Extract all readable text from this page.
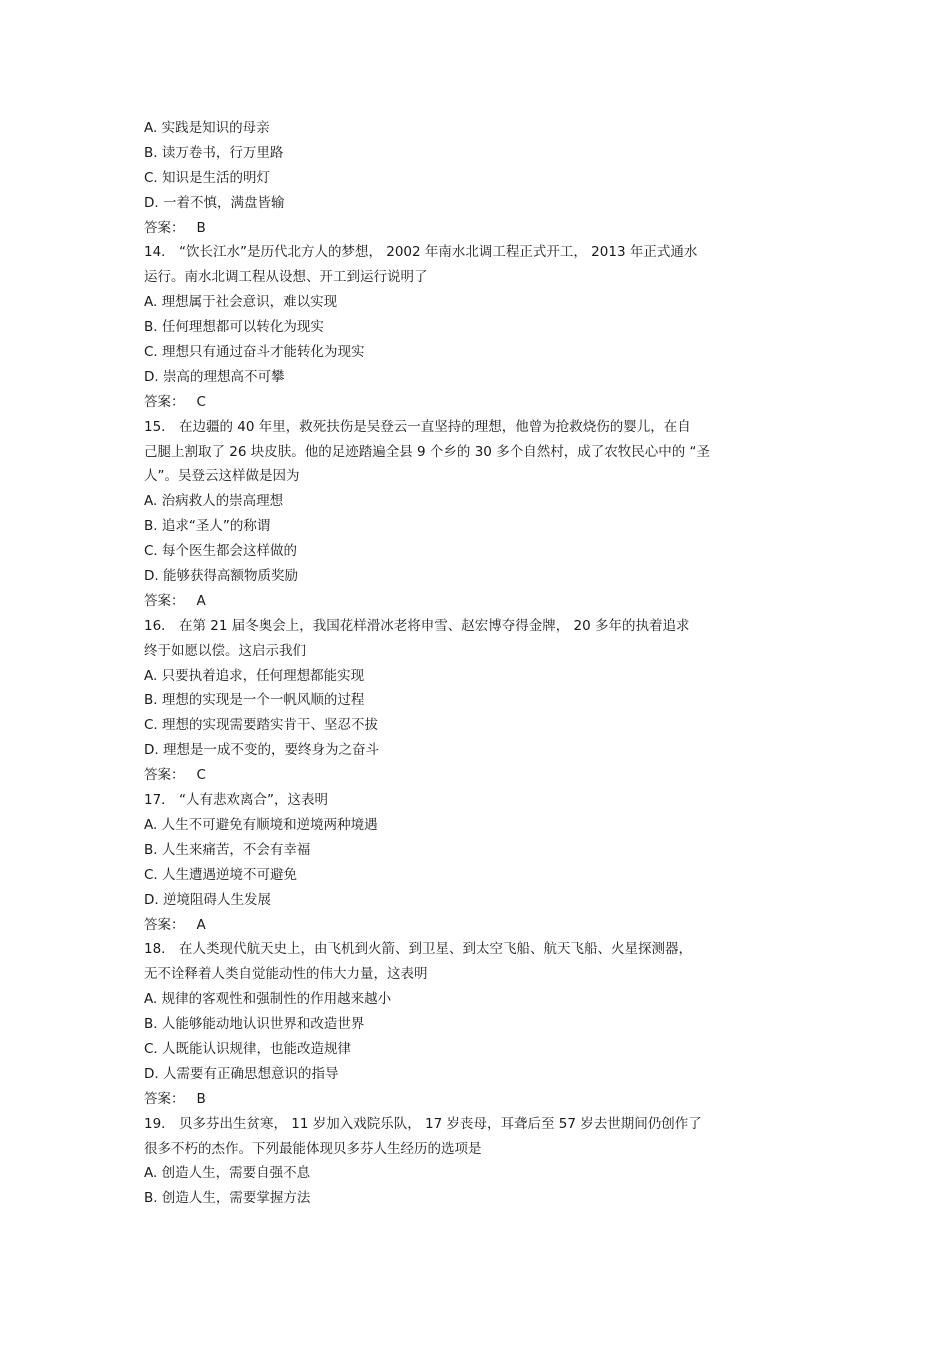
A. 实践是知识的母亲
B. 读万卷书，行万里路
C. 知识是生活的明灯
D. 一着不慎，满盘皆输
答案： B
14． “饮长江水”是历代北方人的梦想， 2002 年南水北调工程正式开工， 2013 年正式通水
运行。南水北调工程从设想、开工到运行说明了
A. 理想属于社会意识，难以实现
B. 任何理想都可以转化为现实
C. 理想只有通过奋斗才能转化为现实
D. 崇高的理想高不可攀
答案： C
15． 在边疆的 40 年里，救死扶伤是吴登云一直坚持的理想，他曾为抢救烧伤的婴儿，在自
己腿上割取了 26 块皮肤。他的足迹踏遍全县 9 个乡的 30 多个自然村，成了农牧民心中的 “圣
人”。吴登云这样做是因为
A. 治病救人的崇高理想
B. 追求“圣人”的称谓
C. 每个医生都会这样做的
D. 能够获得高额物质奖励
答案： A
16． 在第 21 届冬奥会上，我国花样滑冰老将申雪、赵宏博夺得金牌， 20 多年的执着追求
终于如愿以偿。这启示我们
A. 只要执着追求，任何理想都能实现
B. 理想的实现是一个一帆风顺的过程
C. 理想的实现需要踏实肯干、坚忍不拔
D. 理想是一成不变的，要终身为之奋斗
答案： C
17． “人有悲欢离合”，这表明
A. 人生不可避免有顺境和逆境两种境遇
B. 人生来痛苦，不会有幸福
C. 人生遭遇逆境不可避免
D. 逆境阻碍人生发展
答案： A
18． 在人类现代航天史上，由飞机到火箭、到卫星、到太空飞船、航天飞船、火星探测器，
无不诠释着人类自觉能动性的伟大力量，这表明
A. 规律的客观性和强制性的作用越来越小
B. 人能够能动地认识世界和改造世界
C. 人既能认识规律，也能改造规律
D. 人需要有正确思想意识的指导
答案： B
19． 贝多芬出生贫寒， 11 岁加入戏院乐队， 17 岁丧母，耳聋后至 57 岁去世期间仍创作了
很多不朽的杰作。下列最能体现贝多芬人生经历的选项是
A. 创造人生，需要自强不息
B. 创造人生，需要掌握方法
